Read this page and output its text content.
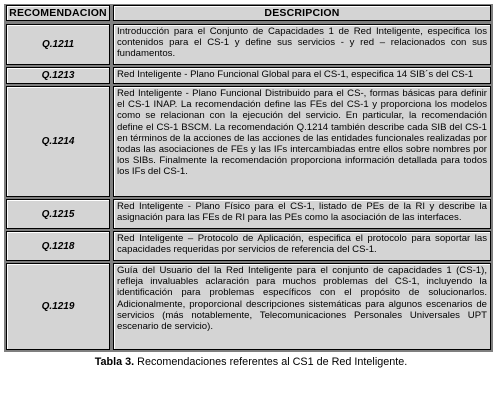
RECOMENDACION	DESCRIPCION
Q.1211
Introducción para el Conjunto de Capacidades 1 de Red Inteligente, especifica los contenidos para el CS-1 y define sus servicios - y red – relacionados con sus fundamentos.
Q.1213	Red Inteligente - Plano Funcional Global para el CS-1, especifica 14 SIB´s del CS-1
Q.1214
Red Inteligente - Plano Funcional Distribuido para el CS-, formas básicas para definir el CS-1 INAP. La recomendación define las FEs del CS-1 y proporciona los modelos como se relacionan con la ejecución del servicio. En particular, la recomendación define el CS-1 BSCM. La recomendación Q.1214 también describe cada SIB del CS-1 en términos de la acciones de las acciones de las entidades funcionales realizadas por todas las asociaciones de FEs y las IFs intercambiadas entre ellos sobre nombres por los SIBs. Finalmente la recomendación proporciona información detallada para todos los IFs del CS-1.
Q.1215
Red Inteligente - Plano Físico para el CS-1, listado de PEs de la RI y describe la asignación para las FEs de RI para las PEs como la asociación de las interfaces.
Q.1218
Red Inteligente – Protocolo de Aplicación, especifica el protocolo para soportar las capacidades requeridas por servicios de referencia del CS-1.
Q.1219
Guía del Usuario del la Red Inteligente para el conjunto de capacidades 1 (CS-1), refleja invaluables aclaración para muchos problemas del CS-1, incluyendo la identificación para problemas específicos con el propósito de solucionarlos. Adicionalmente, proporcional descripciones sistemáticas para algunos escenarios de servicios (más notablemente, Telecomunicaciones Personales Universales UPT escenario de servicio).
Tabla 3. Recomendaciones referentes al CS1 de Red Inteligente.
